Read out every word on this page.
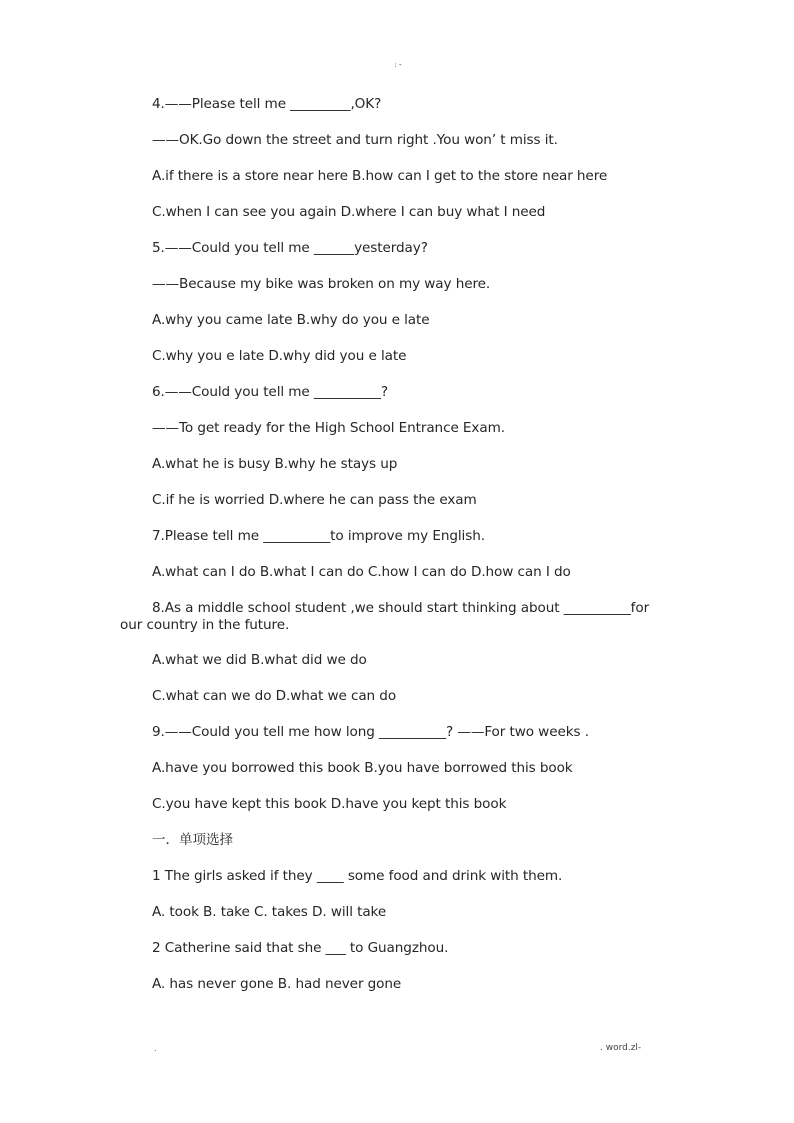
: -
4.——Please tell me _________,OK?
——OK.Go down the street and turn right .You won’ t miss it.
A.if there is a store near here B.how can I get to the store near here
C.when I can see you again D.where I can buy what I need
5.——Could you tell me ______yesterday?
——Because my bike was broken on my way here.
A.why you came late B.why do you e late
C.why you e late D.why did you e late
6.——Could you tell me __________?
——To get ready for the High School Entrance Exam.
A.what he is busy B.why he stays up
C.if he is worried D.where he can pass the exam
7.Please tell me __________to improve my English.
A.what can I do B.what I can do C.how I can do D.how can I do
8.As a middle school student ,we should start thinking about __________for our country in the future.
A.what we did B.what did we do
C.what can we do D.what we can do
9.——Could you tell me how long __________? ——For two weeks .
A.have you borrowed this book B.you have borrowed this book
C.you have kept this book D.have you kept this book
一．单项选择
1 The girls asked if they ____ some food and drink with them.
A. took B. take C. takes D. will take
2 Catherine said that she ___ to Guangzhou.
A. has never gone B. had never gone
.	. word.zl-
